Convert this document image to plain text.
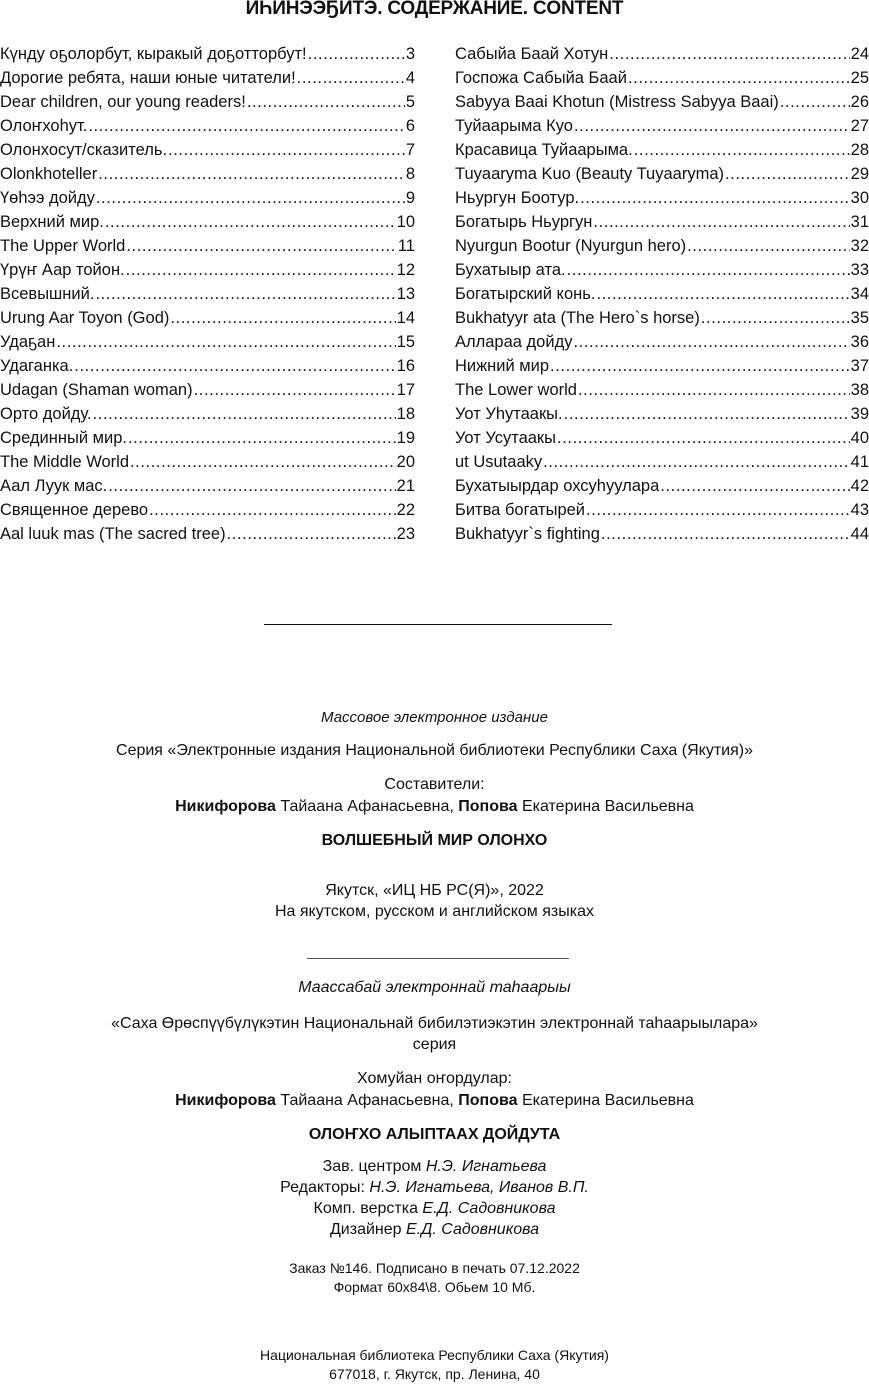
ИҺИНЭЭҔИТЭ. СОДЕРЖАНИЕ. CONTENT
Күнду оҕолорбут, кыракый доҕотторбут! .....	3
Дорогие ребята, наши юные читатели! .....	4
Dear children, our young readers! .....	5
Олоҥхоһут. .....	6
Олонхосут/сказитель. .....	7
Olonkhoteller .....	8
Үөһээ дойду .....	9
Верхний мир. .....	10
The Upper World .....	11
Үрүҥ Аар тойон. .....	12
Всевышний. .....	13
Urung Aar Toyon (God) .....	14
Удаҕан .....	15
Удаганка. .....	16
Udagan (Shaman woman) .....	17
Орто дойду. .....	18
Срединный мир. .....	19
The Middle World .....	20
Аал Луук мас. .....	21
Священное дерево .....	22
Aal luuk mas (The sacred tree) .....	23
Сабыйа Баай Хотун .....	24
Госпожа Сабыйа Баай .....	25
Sabyya Baai Khotun (Mistress Sabyya Baai) .....	26
Туйаарыма Куо .....	27
Красавица Туйаарыма. .....	28
Tuyaaryma Kuo (Beauty Tuyaaryma) .....	29
Ньургун Боотур. .....	30
Богатырь Ньургун .....	31
Nyurgun Bootur (Nyurgun hero) .....	32
Бухатыыр ата. .....	33
Богатырский конь. .....	34
Bukhatyyr ata (The Hero`s horse) .....	35
Аллараа дойду .....	36
Нижний мир .....	37
The Lower world .....	38
Уот Уһутаакы. .....	39
Уот Усутаакы .....	40
ut Usutaaky .....	41
Бухатыырдар охсуһуулара .....	42
Битва богатырей .....	43
Bukhatyyr`s fighting .....	44
Массовое электронное издание
Серия «Электронные издания Национальной библиотеки Республики Саха (Якутия)»
Составители:
Никифорова Тайаана Афанасьевна, Попова Екатерина Васильевна
ВОЛШЕБНЫЙ МИР ОЛОНХО
Якутск, «ИЦ НБ РС(Я)», 2022
На якутском, русском и английском языках
Маассабай электроннай таһаарыы
«Саха Өрөспүүбүлүкэтин Национальнай бибилэтиэкэтин электроннай таһаарыылара»
серия
Хомуйан оҥордулар:
Никифорова Тайаана Афанасьевна, Попова Екатерина Васильевна
ОЛОҤХО АЛЫПТААХ ДОЙДУТА
Зав. центром Н.Э. Игнатьева
Редакторы: Н.Э. Игнатьева, Иванов В.П.
Комп. верстка Е.Д. Садовникова
Дизайнер Е.Д. Садовникова
Заказ №146. Подписано в печать 07.12.2022
Формат 60х84\8. Обьем 10 Мб.
Национальная библиотека Республики Саха (Якутия)
677018, г. Якутск, пр. Ленина, 40
